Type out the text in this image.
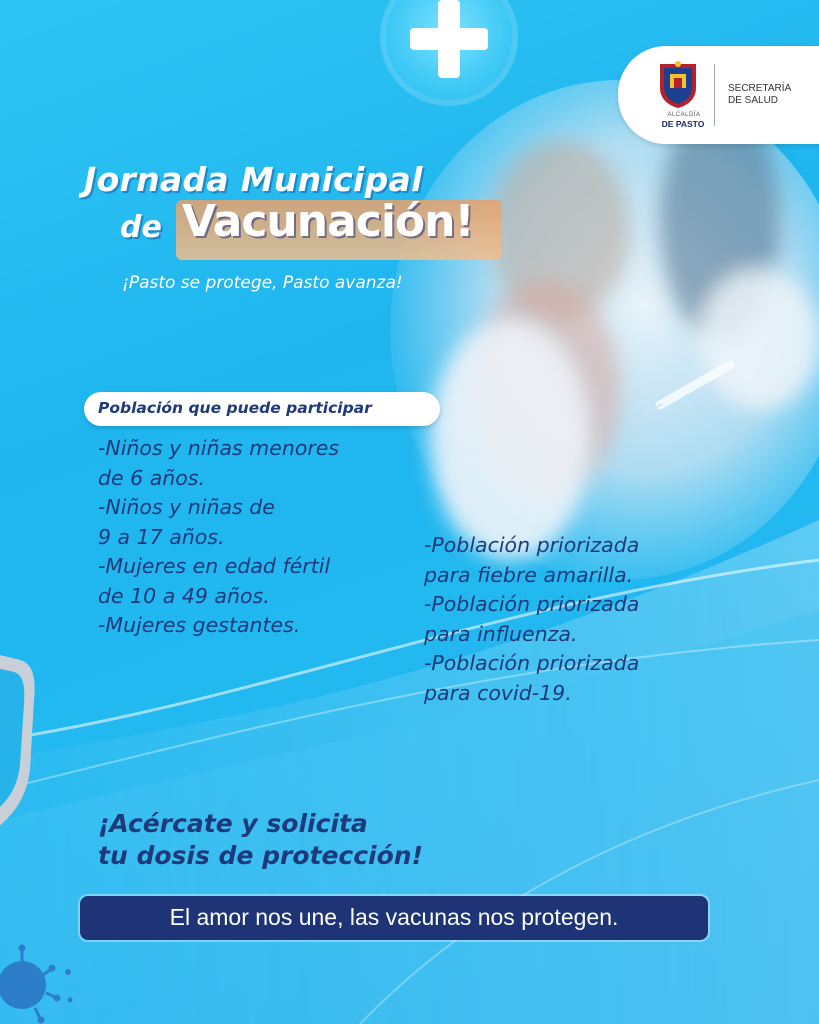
ALCALDÍA
DE PASTO
SECRETARÍA
DE SALUD
Jornada Municipal
de Vacunación!
¡Pasto se protege, Pasto avanza!
Población que puede participar
-Niños y niñas menores
de 6 años.
-Niños y niñas de
9 a 17 años.
-Mujeres en edad fértil
de 10 a 49 años.
-Mujeres gestantes.
-Población priorizada
para fiebre amarilla.
-Población priorizada
para influenza.
-Población priorizada
para covid-19.
¡Acércate y solicita
tu dosis de protección!
El amor nos une, las vacunas nos protegen.
